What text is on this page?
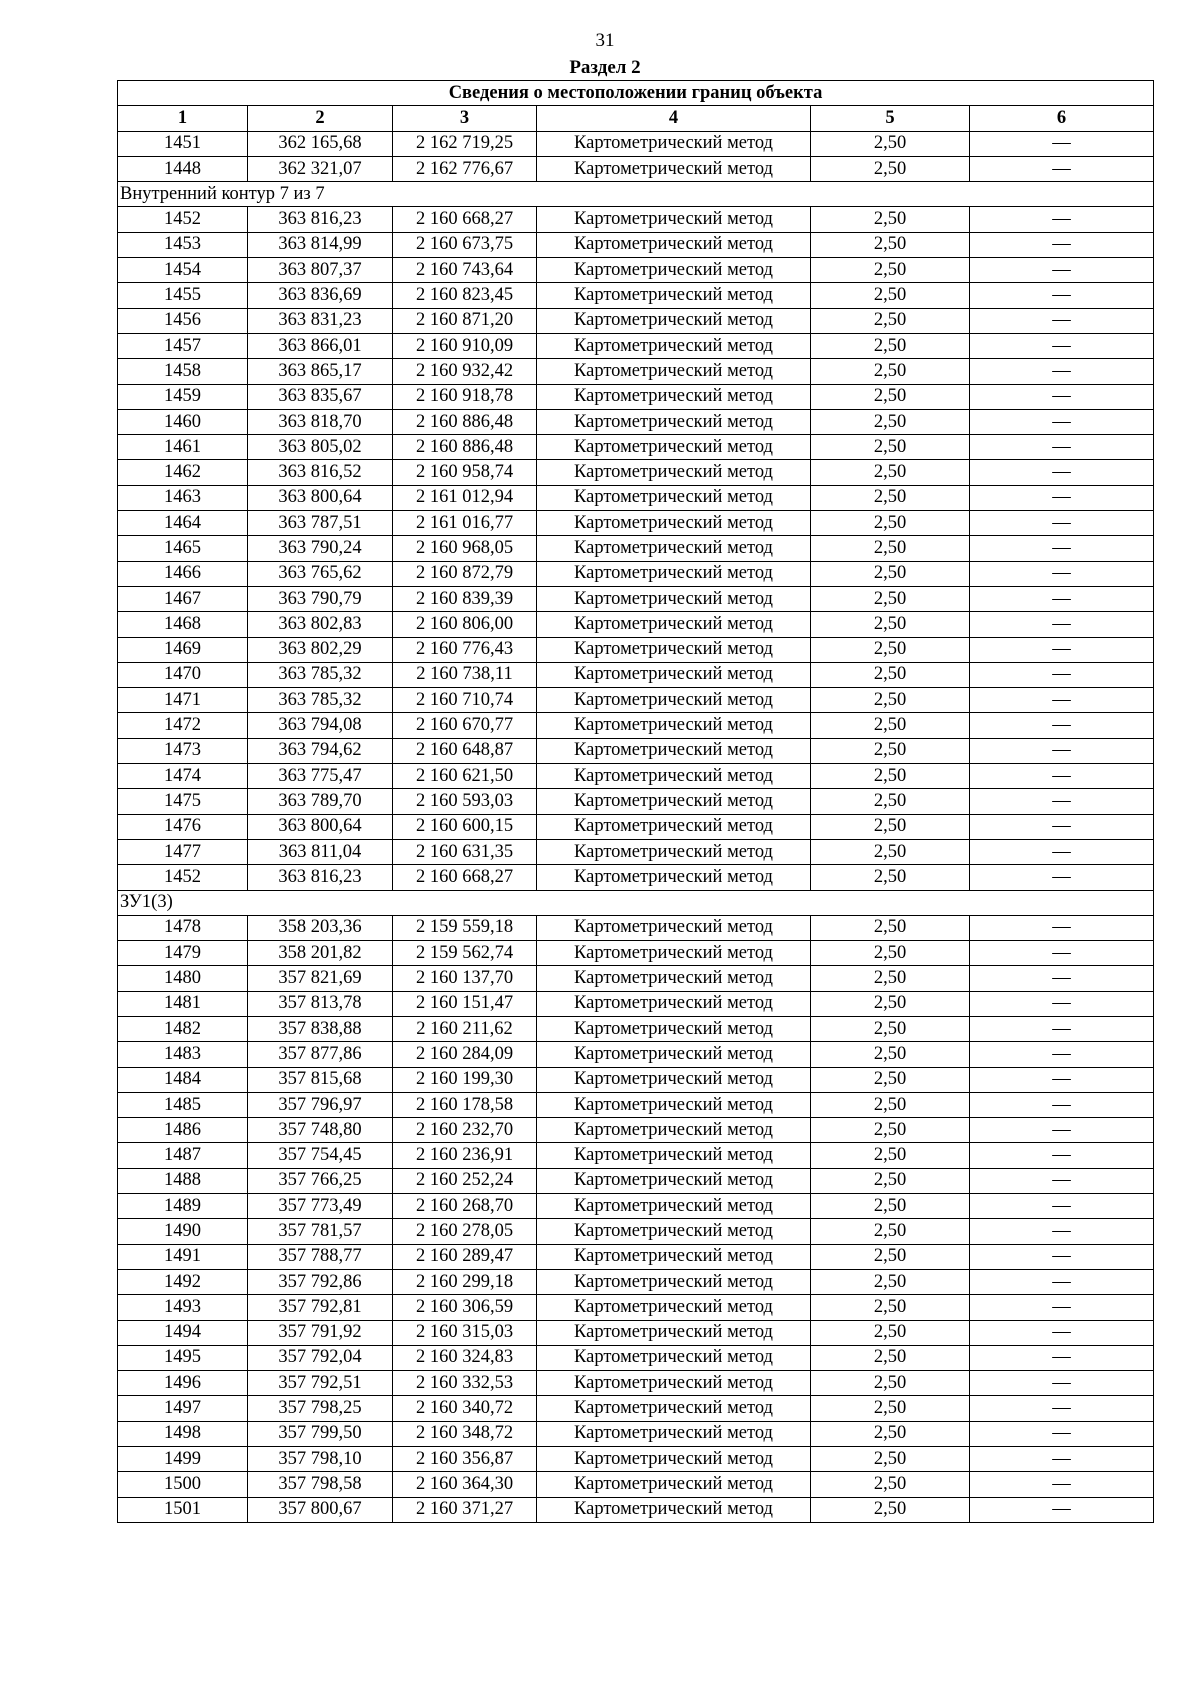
31
Раздел 2
Сведения о местоположении границ объекта					
1	2	3	4	5	6
1451	362 165,68	2 162 719,25	Картометрический метод	2,50	—
1448	362 321,07	2 162 776,67	Картометрический метод	2,50	—
Внутренний контур 7 из 7					
1452	363 816,23	2 160 668,27	Картометрический метод	2,50	—
1453	363 814,99	2 160 673,75	Картометрический метод	2,50	—
1454	363 807,37	2 160 743,64	Картометрический метод	2,50	—
1455	363 836,69	2 160 823,45	Картометрический метод	2,50	—
1456	363 831,23	2 160 871,20	Картометрический метод	2,50	—
1457	363 866,01	2 160 910,09	Картометрический метод	2,50	—
1458	363 865,17	2 160 932,42	Картометрический метод	2,50	—
1459	363 835,67	2 160 918,78	Картометрический метод	2,50	—
1460	363 818,70	2 160 886,48	Картометрический метод	2,50	—
1461	363 805,02	2 160 886,48	Картометрический метод	2,50	—
1462	363 816,52	2 160 958,74	Картометрический метод	2,50	—
1463	363 800,64	2 161 012,94	Картометрический метод	2,50	—
1464	363 787,51	2 161 016,77	Картометрический метод	2,50	—
1465	363 790,24	2 160 968,05	Картометрический метод	2,50	—
1466	363 765,62	2 160 872,79	Картометрический метод	2,50	—
1467	363 790,79	2 160 839,39	Картометрический метод	2,50	—
1468	363 802,83	2 160 806,00	Картометрический метод	2,50	—
1469	363 802,29	2 160 776,43	Картометрический метод	2,50	—
1470	363 785,32	2 160 738,11	Картометрический метод	2,50	—
1471	363 785,32	2 160 710,74	Картометрический метод	2,50	—
1472	363 794,08	2 160 670,77	Картометрический метод	2,50	—
1473	363 794,62	2 160 648,87	Картометрический метод	2,50	—
1474	363 775,47	2 160 621,50	Картометрический метод	2,50	—
1475	363 789,70	2 160 593,03	Картометрический метод	2,50	—
1476	363 800,64	2 160 600,15	Картометрический метод	2,50	—
1477	363 811,04	2 160 631,35	Картометрический метод	2,50	—
1452	363 816,23	2 160 668,27	Картометрический метод	2,50	—
ЗУ1(3)					
1478	358 203,36	2 159 559,18	Картометрический метод	2,50	—
1479	358 201,82	2 159 562,74	Картометрический метод	2,50	—
1480	357 821,69	2 160 137,70	Картометрический метод	2,50	—
1481	357 813,78	2 160 151,47	Картометрический метод	2,50	—
1482	357 838,88	2 160 211,62	Картометрический метод	2,50	—
1483	357 877,86	2 160 284,09	Картометрический метод	2,50	—
1484	357 815,68	2 160 199,30	Картометрический метод	2,50	—
1485	357 796,97	2 160 178,58	Картометрический метод	2,50	—
1486	357 748,80	2 160 232,70	Картометрический метод	2,50	—
1487	357 754,45	2 160 236,91	Картометрический метод	2,50	—
1488	357 766,25	2 160 252,24	Картометрический метод	2,50	—
1489	357 773,49	2 160 268,70	Картометрический метод	2,50	—
1490	357 781,57	2 160 278,05	Картометрический метод	2,50	—
1491	357 788,77	2 160 289,47	Картометрический метод	2,50	—
1492	357 792,86	2 160 299,18	Картометрический метод	2,50	—
1493	357 792,81	2 160 306,59	Картометрический метод	2,50	—
1494	357 791,92	2 160 315,03	Картометрический метод	2,50	—
1495	357 792,04	2 160 324,83	Картометрический метод	2,50	—
1496	357 792,51	2 160 332,53	Картометрический метод	2,50	—
1497	357 798,25	2 160 340,72	Картометрический метод	2,50	—
1498	357 799,50	2 160 348,72	Картометрический метод	2,50	—
1499	357 798,10	2 160 356,87	Картометрический метод	2,50	—
1500	357 798,58	2 160 364,30	Картометрический метод	2,50	—
1501	357 800,67	2 160 371,27	Картометрический метод	2,50	—
